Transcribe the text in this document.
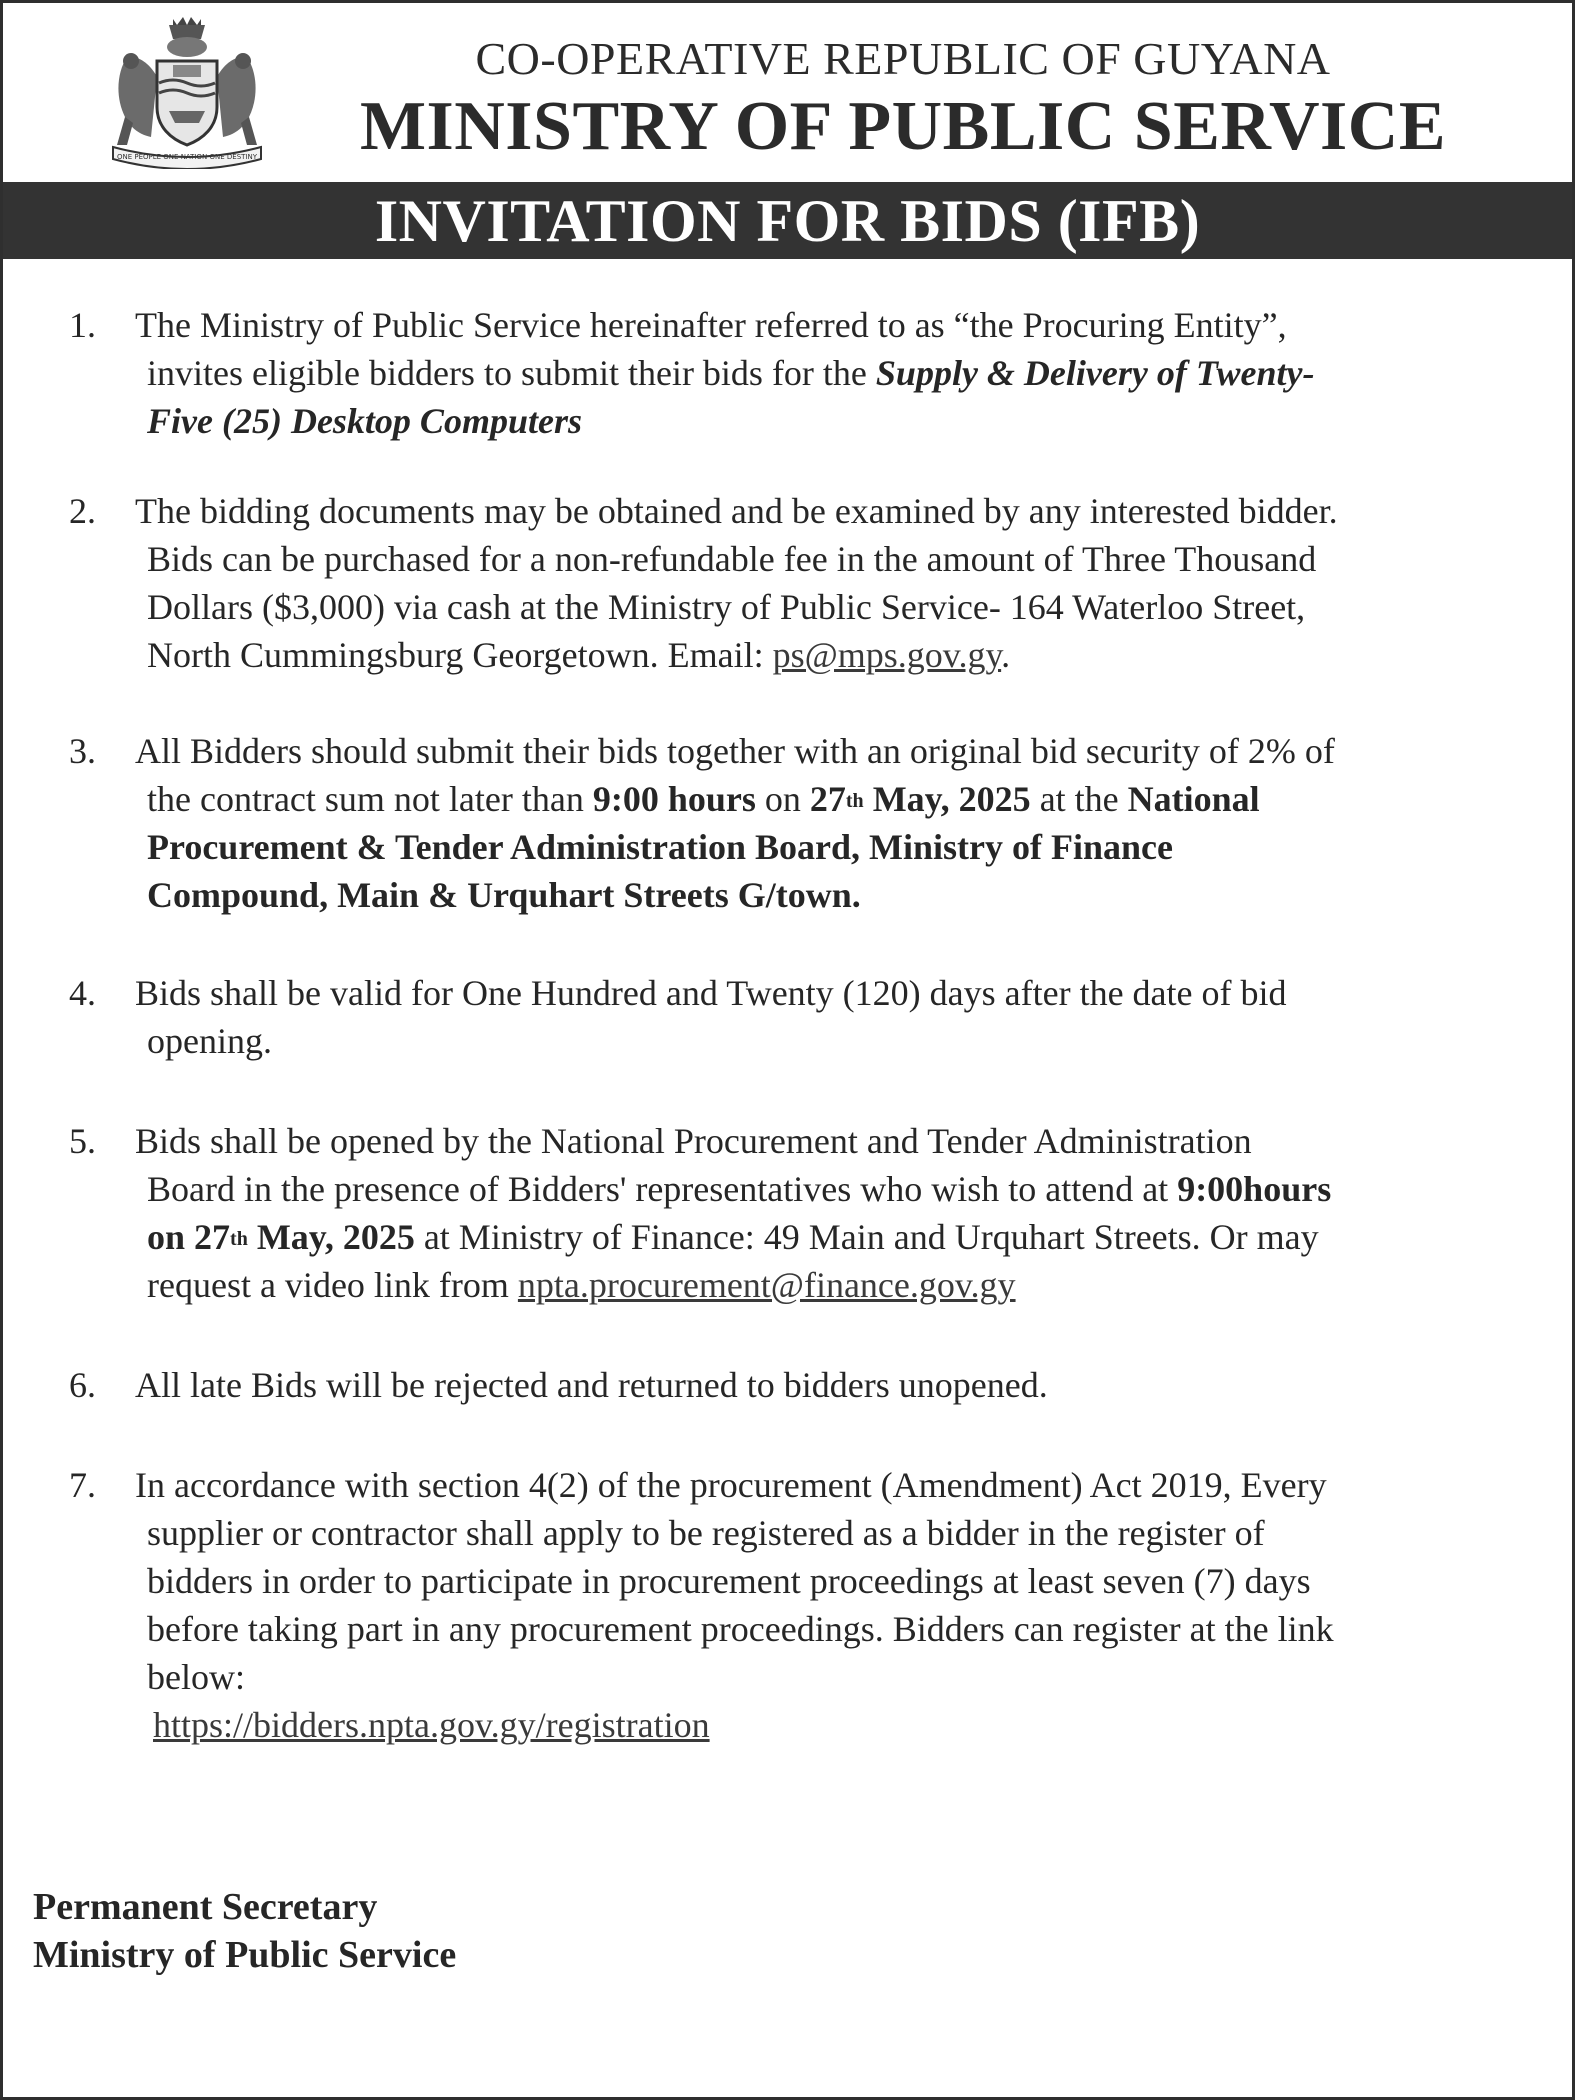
ONE PEOPLE ONE NATION ONE DESTINY
CO-OPERATIVE REPUBLIC OF GUYANA
MINISTRY OF PUBLIC SERVICE
INVITATION FOR BIDS (IFB)
1.	The Ministry of Public Service hereinafter referred to as “the Procuring Entity”,
invites eligible bidders to submit their bids for the Supply & Delivery of Twenty-
Five (25) Desktop Computers
2.	The bidding documents may be obtained and be examined by any interested bidder.
Bids can be purchased for a non-refundable fee in the amount of Three Thousand
Dollars ($3,000) via cash at the Ministry of Public Service- 164 Waterloo Street,
North Cummingsburg Georgetown. Email: ps@mps.gov.gy.
3.	All Bidders should submit their bids together with an original bid security of 2% of
the contract sum not later than 9:00 hours on 27th May, 2025 at the National
Procurement & Tender Administration Board, Ministry of Finance
Compound, Main & Urquhart Streets G/town.
4.	Bids shall be valid for One Hundred and Twenty (120) days after the date of bid
opening.
5.	Bids shall be opened by the National Procurement and Tender Administration
Board in the presence of Bidders' representatives who wish to attend at 9:00hours
on 27th May, 2025 at Ministry of Finance: 49 Main and Urquhart Streets. Or may
request a video link from npta.procurement@finance.gov.gy
6.	All late Bids will be rejected and returned to bidders unopened.
7.	In accordance with section 4(2) of the procurement (Amendment) Act 2019, Every
supplier or contractor shall apply to be registered as a bidder in the register of
bidders in order to participate in procurement proceedings at least seven (7) days
before taking part in any procurement proceedings. Bidders can register at the link
below:
https://bidders.npta.gov.gy/registration
Permanent Secretary
Ministry of Public Service
